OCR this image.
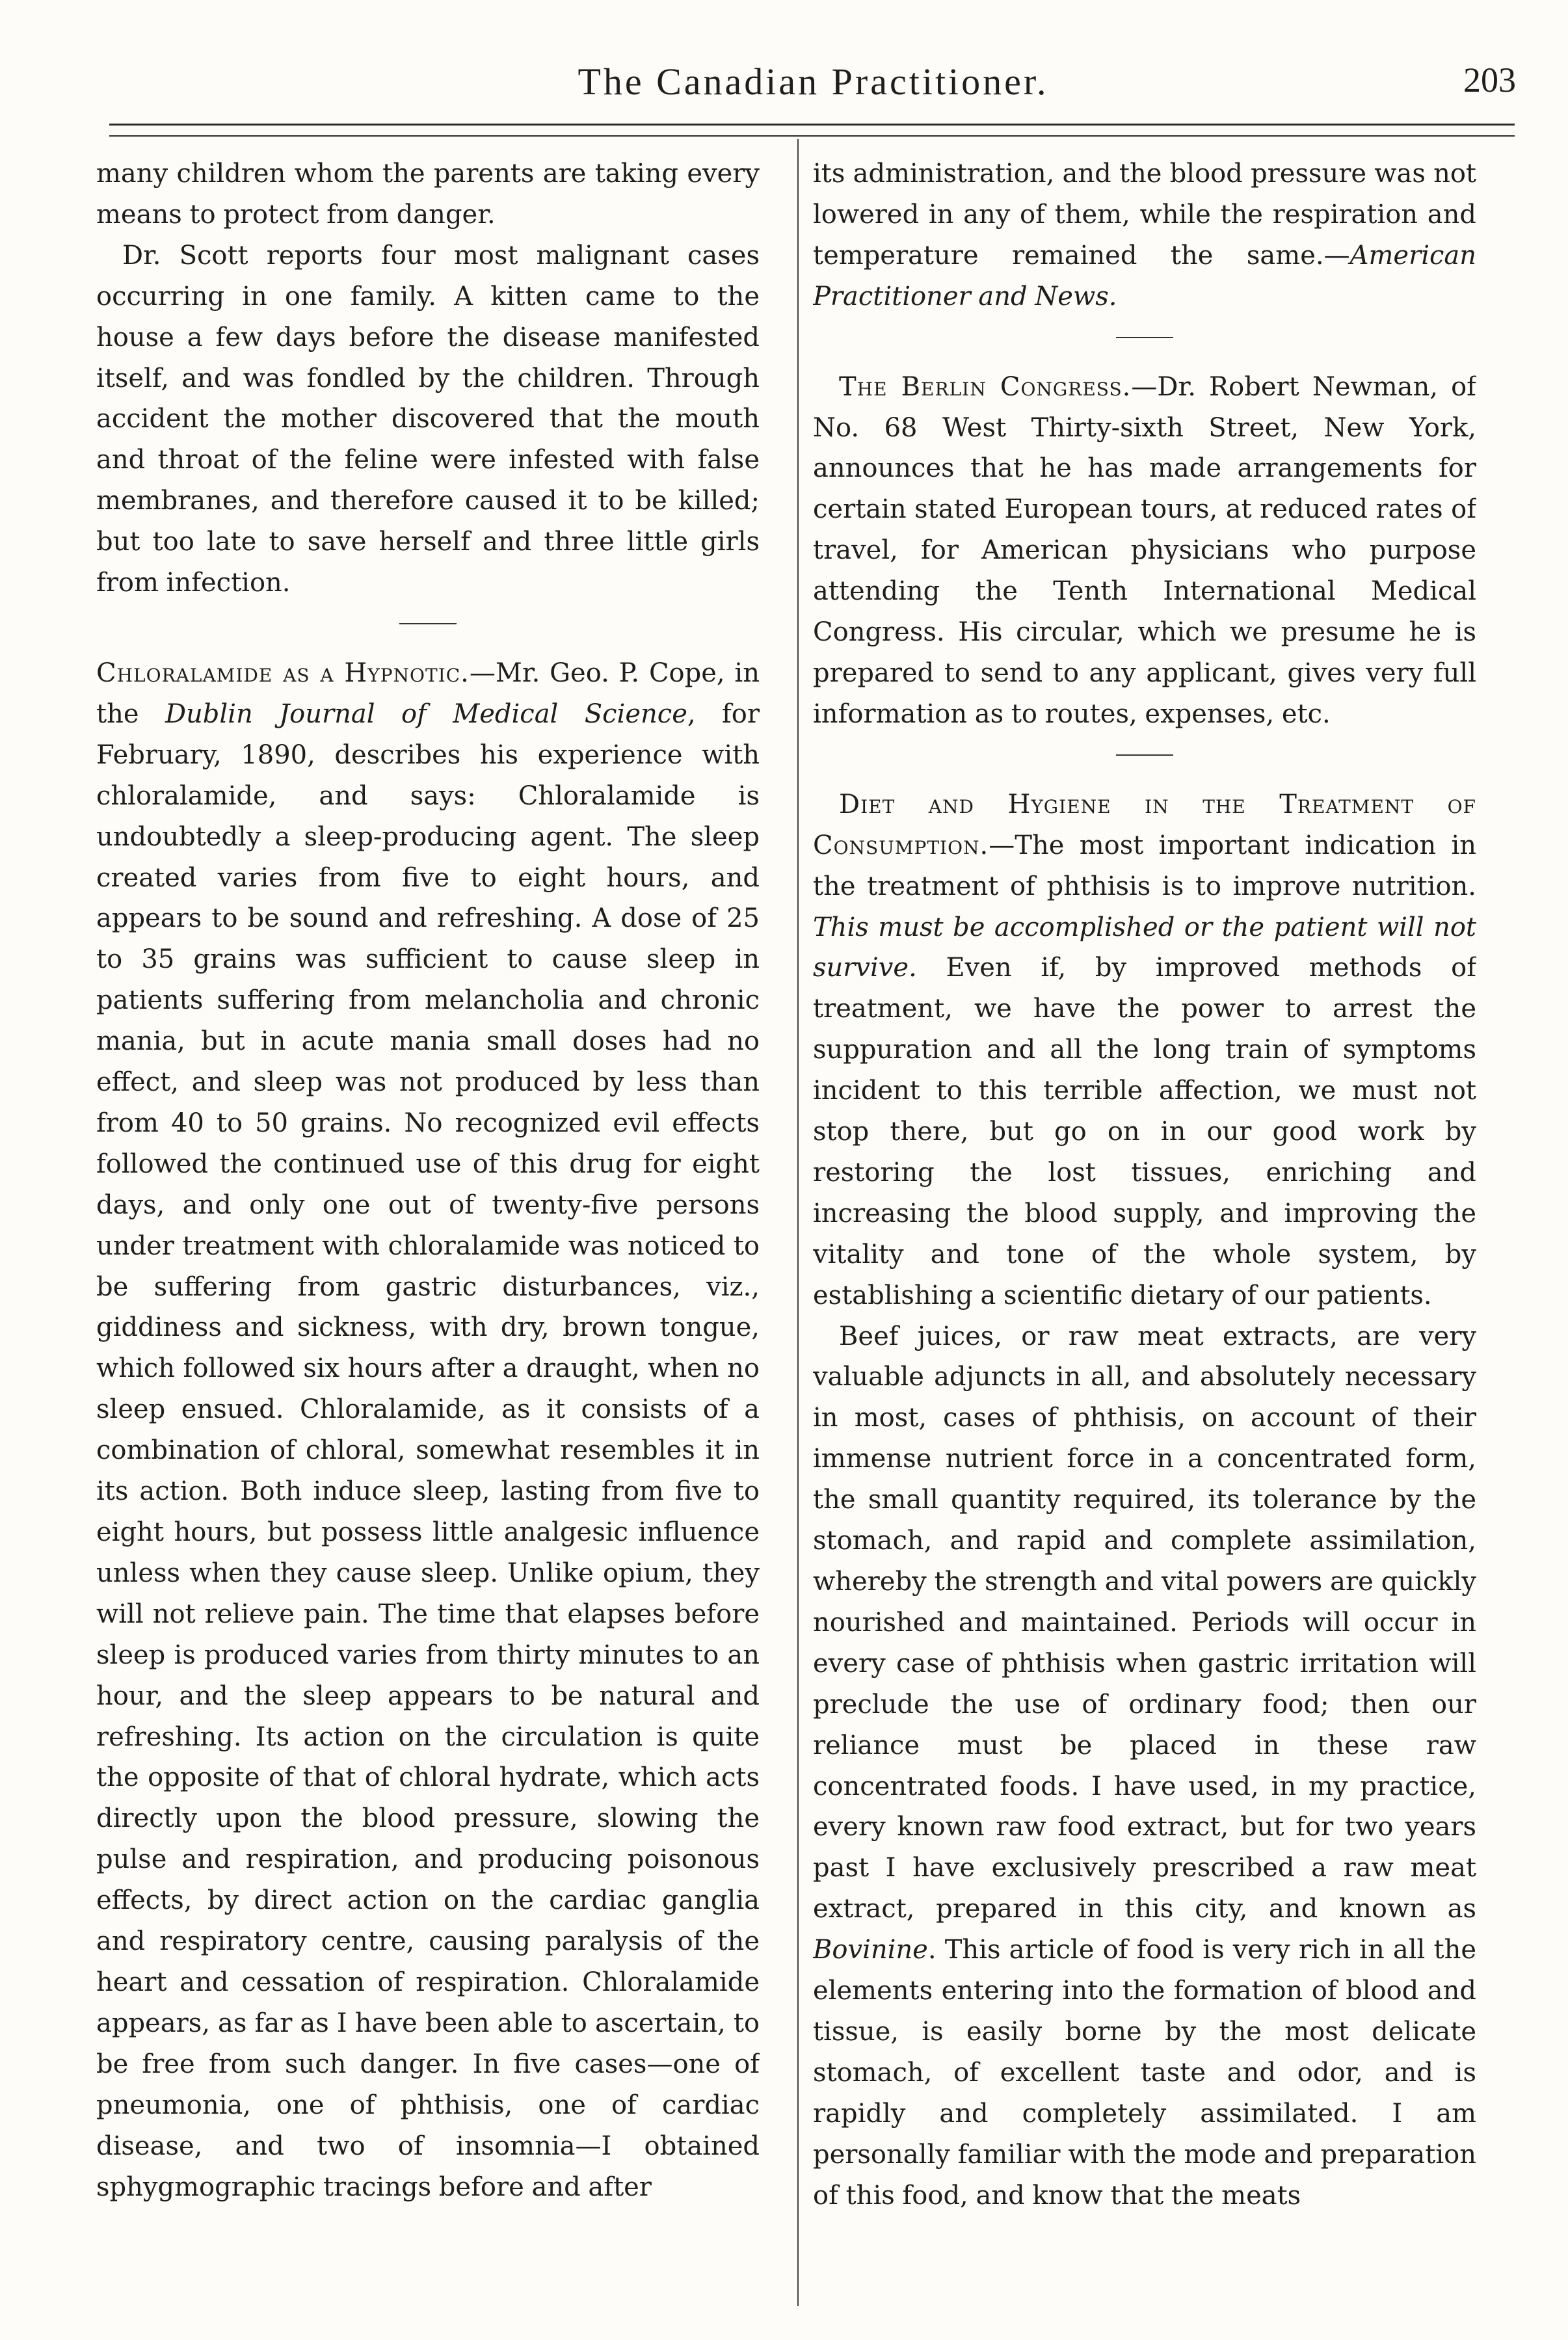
The Canadian Practitioner.	203

many children whom the parents are taking every means to protect from danger.

Dr. Scott reports four most malignant cases occurring in one family. A kitten came to the house a few days before the disease manifested itself, and was fondled by the children. Through accident the mother discovered that the mouth and throat of the feline were infested with false membranes, and therefore caused it to be killed; but too late to save herself and three little girls from infection.

Chloralamide as a Hypnotic.—Mr. Geo. P. Cope, in the Dublin Journal of Medical Science, for February, 1890, describes his experience with chloralamide, and says: Chloralamide is undoubtedly a sleep-producing agent. The sleep created varies from five to eight hours, and appears to be sound and refreshing. A dose of 25 to 35 grains was sufficient to cause sleep in patients suffering from melancholia and chronic mania, but in acute mania small doses had no effect, and sleep was not produced by less than from 40 to 50 grains. No recognized evil effects followed the continued use of this drug for eight days, and only one out of twenty-five persons under treatment with chloralamide was noticed to be suffering from gastric disturbances, viz., giddiness and sickness, with dry, brown tongue, which followed six hours after a draught, when no sleep ensued. Chloralamide, as it consists of a combination of chloral, somewhat resembles it in its action. Both induce sleep, lasting from five to eight hours, but possess little analgesic influence unless when they cause sleep. Unlike opium, they will not relieve pain. The time that elapses before sleep is produced varies from thirty minutes to an hour, and the sleep appears to be natural and refreshing. Its action on the circulation is quite the opposite of that of chloral hydrate, which acts directly upon the blood pressure, slowing the pulse and respiration, and producing poisonous effects, by direct action on the cardiac ganglia and respiratory centre, causing paralysis of the heart and cessation of respiration. Chloralamide appears, as far as I have been able to ascertain, to be free from such danger. In five cases—one of pneumonia, one of phthisis, one of cardiac disease, and two of insomnia—I obtained sphygmographic tracings before and after

its administration, and the blood pressure was not lowered in any of them, while the respiration and temperature remained the same.—American Practitioner and News.

The Berlin Congress.—Dr. Robert Newman, of No. 68 West Thirty-sixth Street, New York, announces that he has made arrangements for certain stated European tours, at reduced rates of travel, for American physicians who purpose attending the Tenth International Medical Congress. His circular, which we presume he is prepared to send to any applicant, gives very full information as to routes, expenses, etc.

Diet and Hygiene in the Treatment of Consumption.—The most important indication in the treatment of phthisis is to improve nutrition. This must be accomplished or the patient will not survive. Even if, by improved methods of treatment, we have the power to arrest the suppuration and all the long train of symptoms incident to this terrible affection, we must not stop there, but go on in our good work by restoring the lost tissues, enriching and increasing the blood supply, and improving the vitality and tone of the whole system, by establishing a scientific dietary of our patients.

Beef juices, or raw meat extracts, are very valuable adjuncts in all, and absolutely necessary in most, cases of phthisis, on account of their immense nutrient force in a concentrated form, the small quantity required, its tolerance by the stomach, and rapid and complete assimilation, whereby the strength and vital powers are quickly nourished and maintained. Periods will occur in every case of phthisis when gastric irritation will preclude the use of ordinary food; then our reliance must be placed in these raw concentrated foods. I have used, in my practice, every known raw food extract, but for two years past I have exclusively prescribed a raw meat extract, prepared in this city, and known as Bovinine. This article of food is very rich in all the elements entering into the formation of blood and tissue, is easily borne by the most delicate stomach, of excellent taste and odor, and is rapidly and completely assimilated. I am personally familiar with the mode and preparation of this food, and know that the meats
